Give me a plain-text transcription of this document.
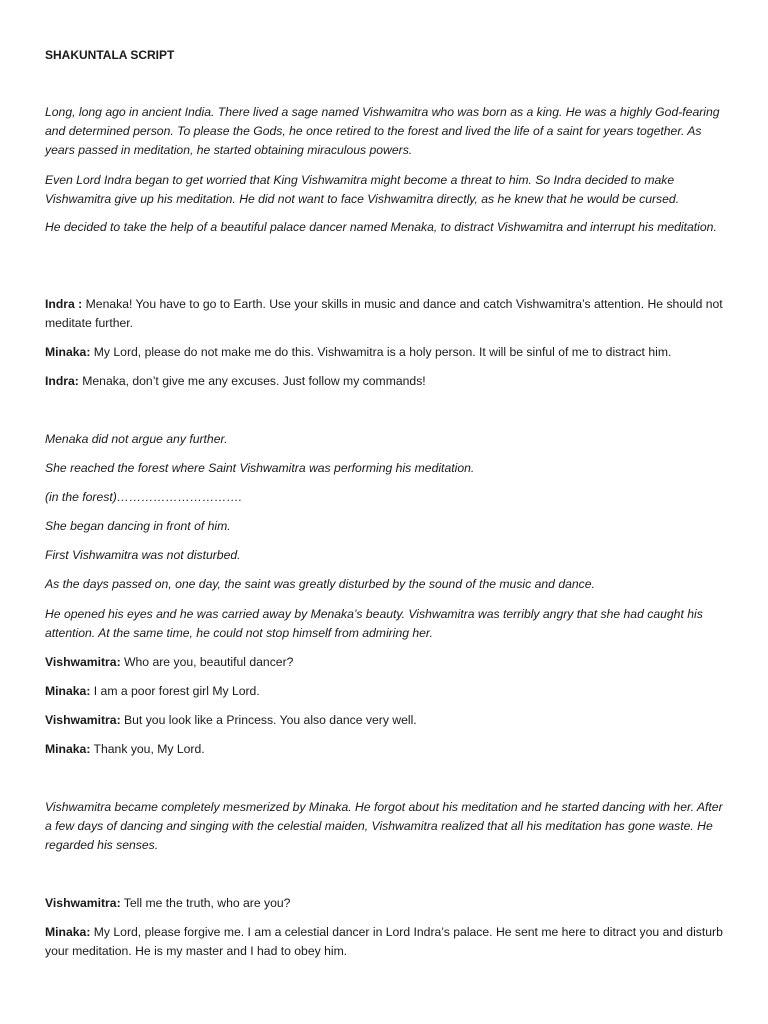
SHAKUNTALA SCRIPT

Long, long ago in ancient India. There lived a sage named Vishwamitra who was born as a king. He was a highly God-fearing and determined person. To please the Gods, he once retired to the forest and lived the life of a saint for years together. As years passed in meditation, he started obtaining miraculous powers.

Even Lord Indra began to get worried that King Vishwamitra might become a threat to him. So Indra decided to make Vishwamitra give up his meditation. He did not want to face Vishwamitra directly, as he knew that he would be cursed.

He decided to take the help of a beautiful palace dancer named Menaka, to distract Vishwamitra and interrupt his meditation.

Indra : Menaka! You have to go to Earth. Use your skills in music and dance and catch Vishwamitra’s attention. He should not meditate further.

Minaka: My Lord, please do not make me do this. Vishwamitra is a holy person. It will be sinful of me to distract him.

Indra: Menaka, don’t give me any excuses. Just follow my commands!

Menaka did not argue any further.

She reached the forest where Saint Vishwamitra was performing his meditation.

(in the forest)………………………….

She began dancing in front of him.

First Vishwamitra was not disturbed.

As the days passed on, one day, the saint was greatly disturbed by the sound of the music and dance.

He opened his eyes and he was carried away by Menaka’s beauty. Vishwamitra was terribly angry that she had caught his attention. At the same time, he could not stop himself from admiring her.

Vishwamitra: Who are you, beautiful dancer?

Minaka: I am a poor forest girl My Lord.

Vishwamitra: But you look like a Princess. You also dance very well.

Minaka: Thank you, My Lord.

Vishwamitra became completely mesmerized by Minaka. He forgot about his meditation and he started dancing with her. After a few days of dancing and singing with the celestial maiden, Vishwamitra realized that all his meditation has gone waste. He regarded his senses.

Vishwamitra: Tell me the truth, who are you?

Minaka: My Lord, please forgive me. I am a celestial dancer in Lord Indra’s palace. He sent me here to ditract you and disturb your meditation. He is my master and I had to obey him.
